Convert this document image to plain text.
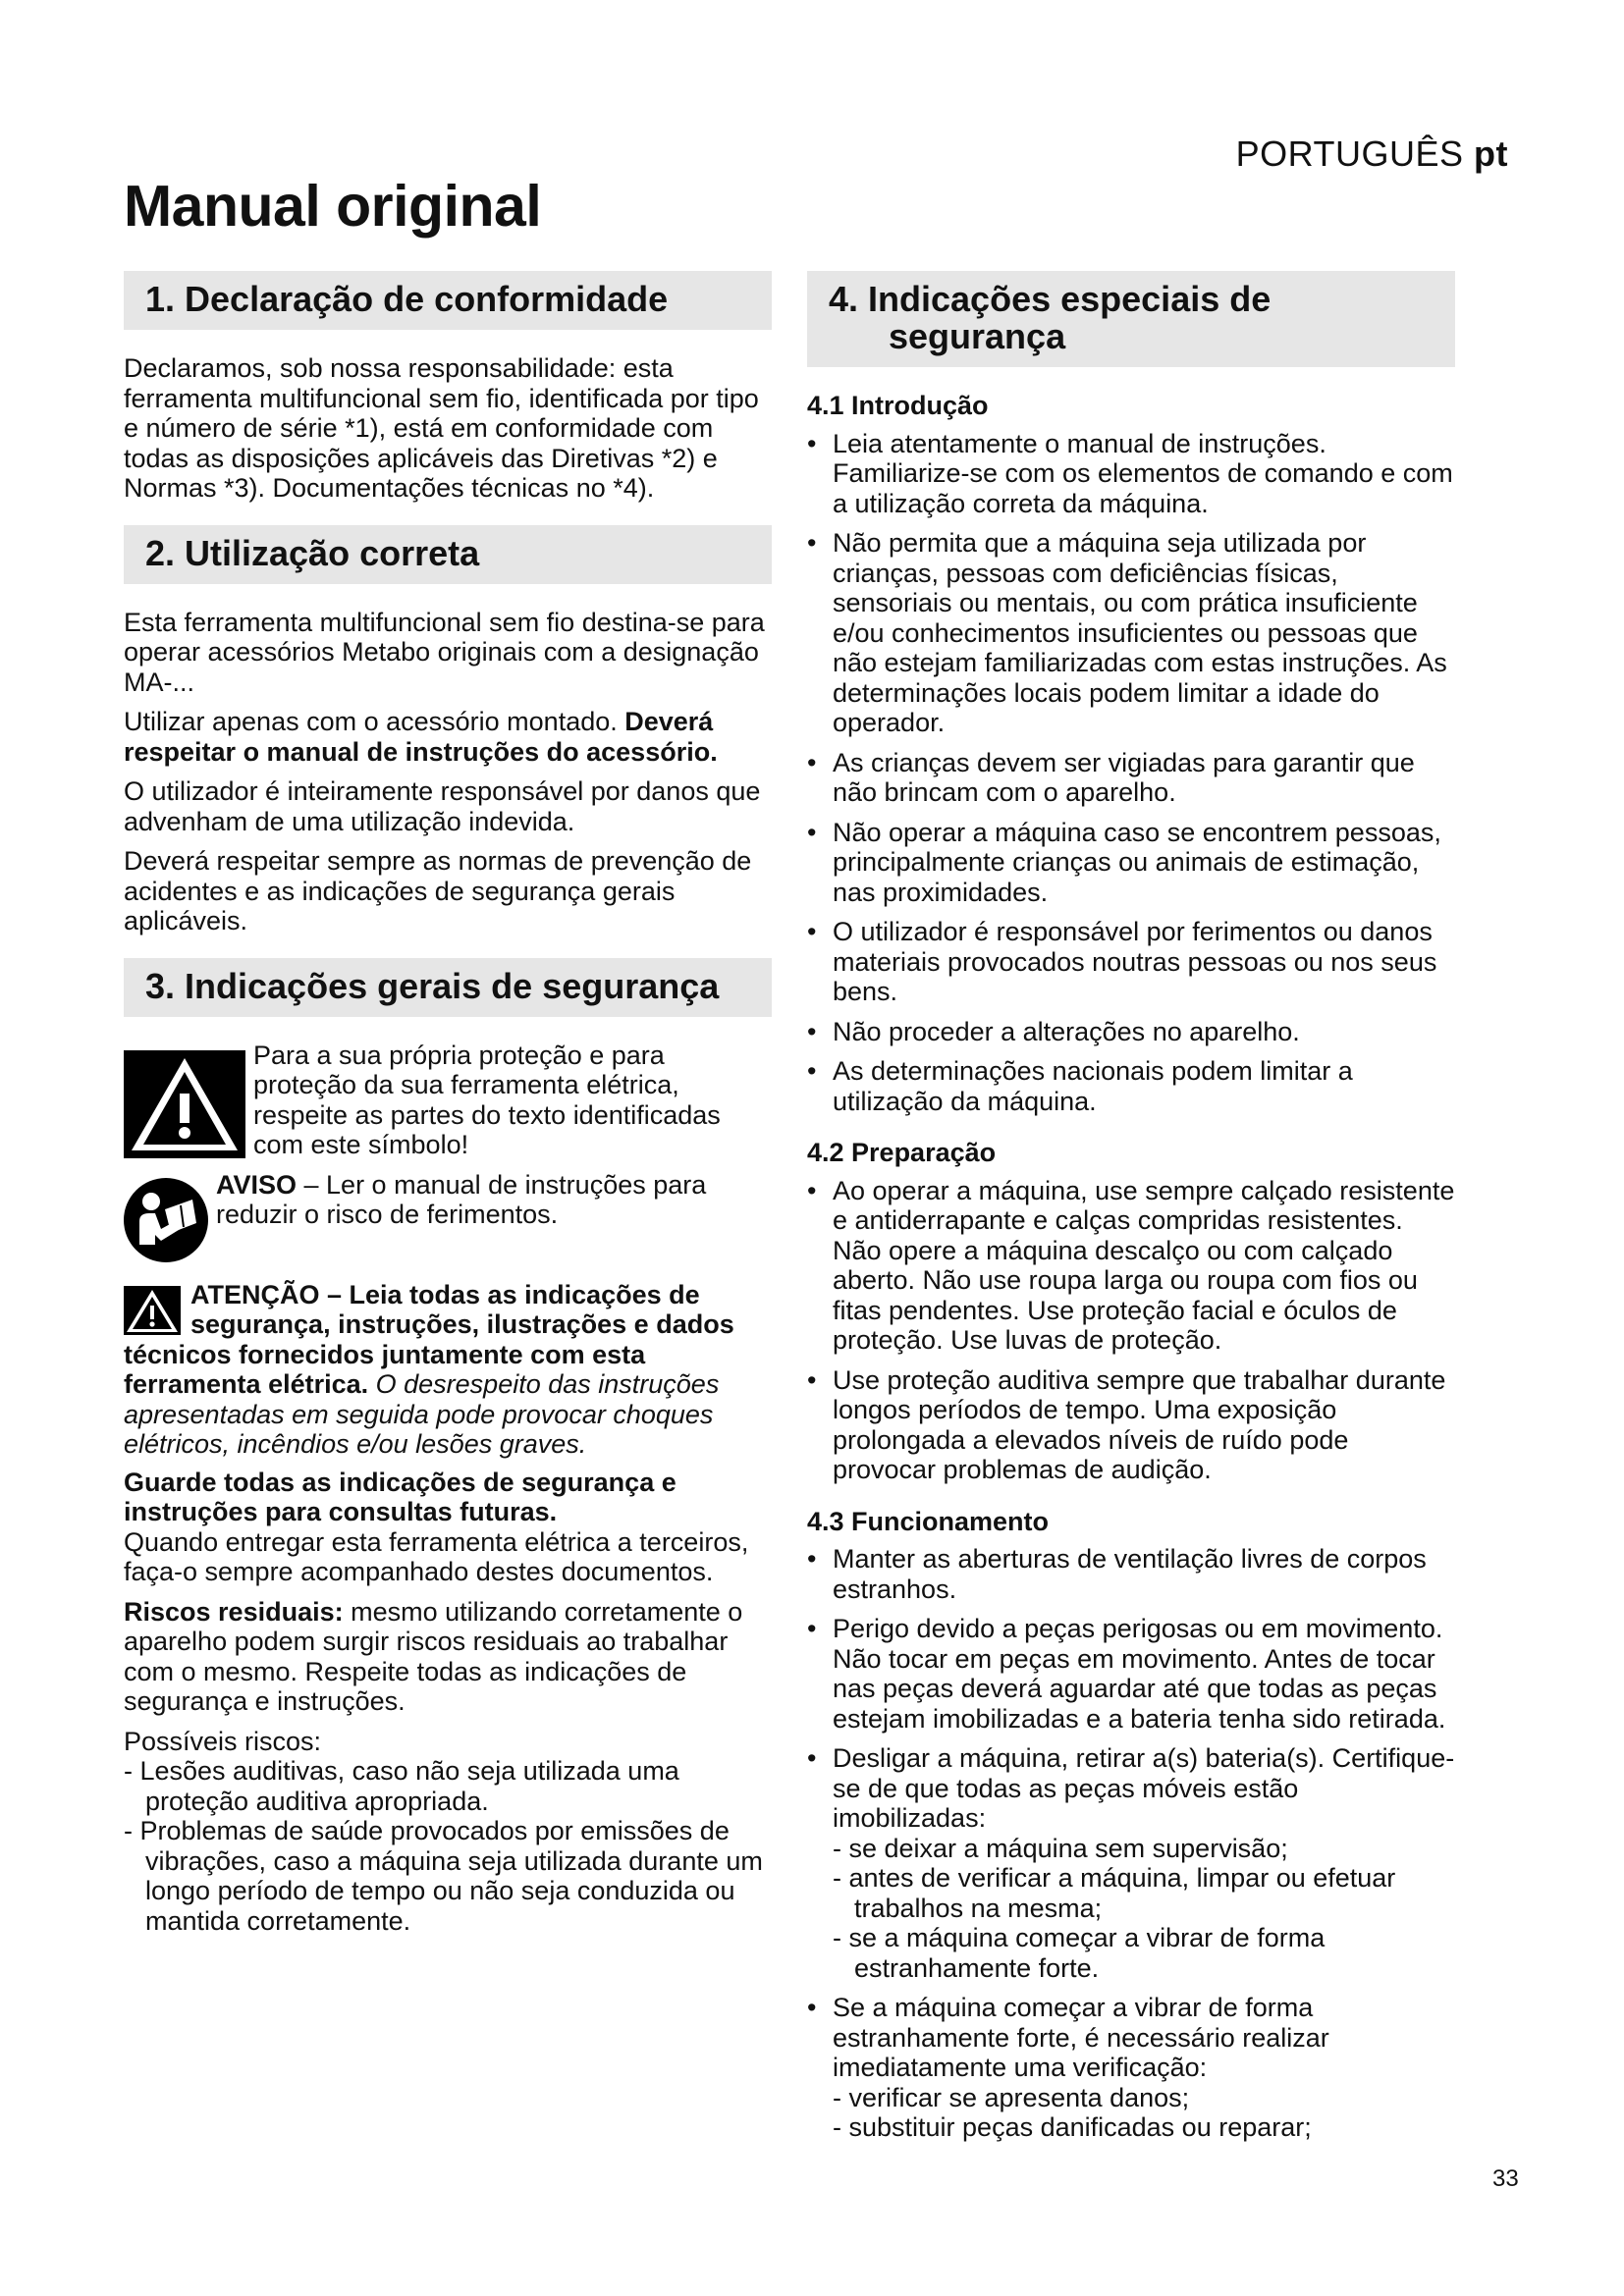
PORTUGUÊS pt
Manual original
1. Declaração de conformidade

Declaramos, sob nossa responsabilidade: esta ferramenta multifuncional sem fio, identificada por tipo e número de série *1), está em conformidade com todas as disposições aplicáveis das Diretivas *2) e Normas *3). Documentações técnicas no *4).

2. Utilização correta

Esta ferramenta multifuncional sem fio destina-se para operar acessórios Metabo originais com a designação MA-...

Utilizar apenas com o acessório montado. Deverá respeitar o manual de instruções do acessório.

O utilizador é inteiramente responsável por danos que advenham de uma utilização indevida.

Deverá respeitar sempre as normas de prevenção de acidentes e as indicações de segurança gerais aplicáveis.

3. Indicações gerais de segurança
Para a sua própria proteção e para proteção da sua ferramenta elétrica, respeite as partes do texto identificadas com este símbolo!
AVISO – Ler o manual de instruções para reduzir o risco de ferimentos.
ATENÇÃO – Leia todas as indicações de segurança, instruções, ilustrações e dados técnicos fornecidos juntamente com esta ferramenta elétrica. O desrespeito das instruções apresentadas em seguida pode provocar choques elétricos, incêndios e/ou lesões graves.

Guarde todas as indicações de segurança e instruções para consultas futuras.

Quando entregar esta ferramenta elétrica a terceiros, faça-o sempre acompanhado destes documentos.

Riscos residuais: mesmo utilizando corretamente o aparelho podem surgir riscos residuais ao trabalhar com o mesmo. Respeite todas as indicações de segurança e instruções.

Possíveis riscos:

- Lesões auditivas, caso não seja utilizada uma proteção auditiva apropriada.
- Problemas de saúde provocados por emissões de vibrações, caso a máquina seja utilizada durante um longo período de tempo ou não seja conduzida ou mantida corretamente.
4. Indicações especiais de
segurança
4.1 Introdução
• Leia atentamente o manual de instruções. Familiarize-se com os elementos de comando e com a utilização correta da máquina.
• Não permita que a máquina seja utilizada por crianças, pessoas com deficiências físicas, sensoriais ou mentais, ou com prática insuficiente e/ou conhecimentos insuficientes ou pessoas que não estejam familiarizadas com estas instruções. As determinações locais podem limitar a idade do operador.
• As crianças devem ser vigiadas para garantir que não brincam com o aparelho.
• Não operar a máquina caso se encontrem pessoas, principalmente crianças ou animais de estimação, nas proximidades.
• O utilizador é responsável por ferimentos ou danos materiais provocados noutras pessoas ou nos seus bens.
• Não proceder a alterações no aparelho.
• As determinações nacionais podem limitar a utilização da máquina.
4.2 Preparação
• Ao operar a máquina, use sempre calçado resistente e antiderrapante e calças compridas resistentes. Não opere a máquina descalço ou com calçado aberto. Não use roupa larga ou roupa com fios ou fitas pendentes. Use proteção facial e óculos de proteção. Use luvas de proteção.
• Use proteção auditiva sempre que trabalhar durante longos períodos de tempo. Uma exposição prolongada a elevados níveis de ruído pode provocar problemas de audição.
4.3 Funcionamento
• Manter as aberturas de ventilação livres de corpos estranhos.
• Perigo devido a peças perigosas ou em movimento. Não tocar em peças em movimento. Antes de tocar nas peças deverá aguardar até que todas as peças estejam imobilizadas e a bateria tenha sido retirada.
• Desligar a máquina, retirar a(s) bateria(s). Certifique-se de que todas as peças móveis estão imobilizadas:
- se deixar a máquina sem supervisão;
- antes de verificar a máquina, limpar ou efetuar trabalhos na mesma;
- se a máquina começar a vibrar de forma estranhamente forte.
• Se a máquina começar a vibrar de forma estranhamente forte, é necessário realizar imediatamente uma verificação:
- verificar se apresenta danos;
- substituir peças danificadas ou reparar;
33
